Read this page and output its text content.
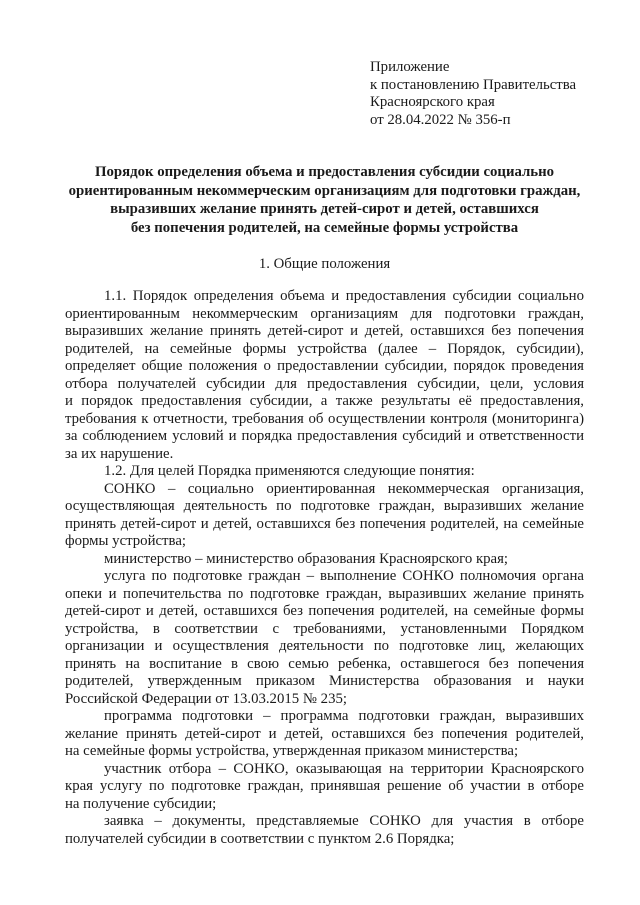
Приложение
к постановлению Правительства
Красноярского края
от 28.04.2022 № 356-п
Порядок определения объема и предоставления субсидии социально
ориентированным некоммерческим организациям для подготовки граждан,
выразивших желание принять детей-сирот и детей, оставшихся
без попечения родителей, на семейные формы устройства
1. Общие положения
1.1. Порядок определения объема и предоставления субсидии социально
ориентированным некоммерческим организациям для подготовки граждан,
выразивших желание принять детей-сирот и детей, оставшихся без попечения
родителей, на семейные формы устройства (далее – Порядок, субсидии),
определяет общие положения о предоставлении субсидии, порядок проведения
отбора получателей субсидии для предоставления субсидии, цели, условия
и порядок предоставления субсидии, а также результаты её предоставления,
требования к отчетности, требования об осуществлении контроля (мониторинга)
за соблюдением условий и порядка предоставления субсидий и ответственности
за их нарушение.
1.2. Для целей Порядка применяются следующие понятия:
СОНКО – социально ориентированная некоммерческая организация,
осуществляющая деятельность по подготовке граждан, выразивших желание
принять детей-сирот и детей, оставшихся без попечения родителей, на семейные
формы устройства;
министерство – министерство образования Красноярского края;
услуга по подготовке граждан – выполнение СОНКО полномочия органа
опеки и попечительства по подготовке граждан, выразивших желание принять
детей-сирот и детей, оставшихся без попечения родителей, на семейные формы
устройства, в соответствии с требованиями, установленными Порядком
организации и осуществления деятельности по подготовке лиц, желающих
принять на воспитание в свою семью ребенка, оставшегося без попечения
родителей, утвержденным приказом Министерства образования и науки
Российской Федерации от 13.03.2015 № 235;
программа подготовки – программа подготовки граждан, выразивших
желание принять детей-сирот и детей, оставшихся без попечения родителей,
на семейные формы устройства, утвержденная приказом министерства;
участник отбора – СОНКО, оказывающая на территории Красноярского
края услугу по подготовке граждан, принявшая решение об участии в отборе
на получение субсидии;
заявка – документы, представляемые СОНКО для участия в отборе
получателей субсидии в соответствии с пунктом 2.6 Порядка;
